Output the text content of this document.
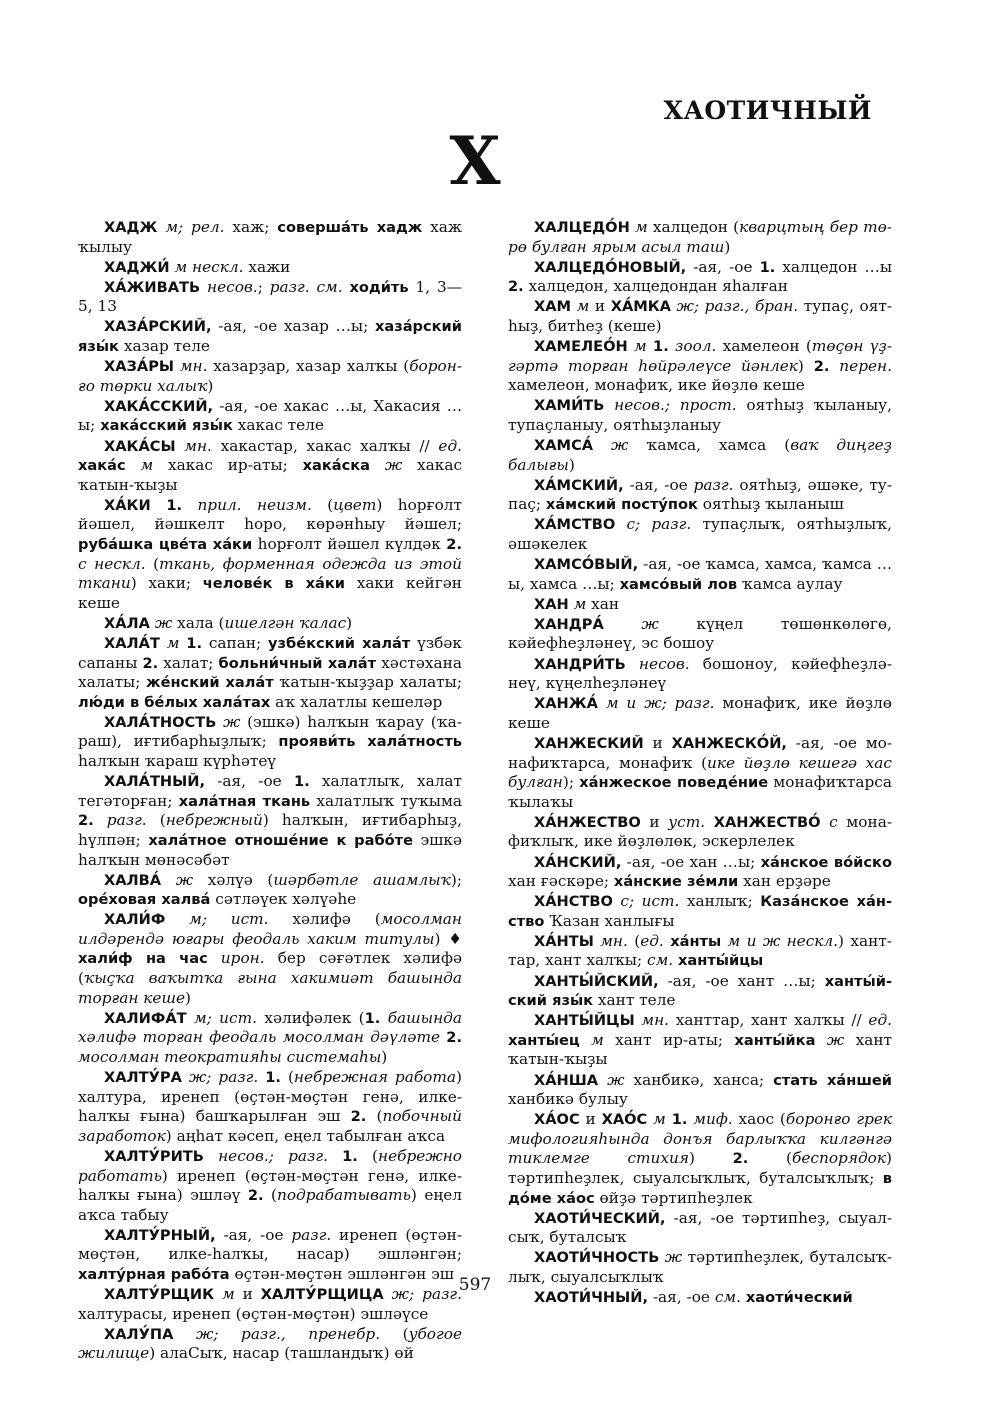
ХАОТИЧНЫЙ
Х

ХАДЖ м; рел. хаж; соверша́ть хадж хаж ҡылыу

ХАДЖИ́ м нескл. хажи

ХА́ЖИВАТЬ несов.; разг. см. ходи́ть 1, 3—5, 13

ХАЗА́РСКИЙ, -ая, -ое хазар …ы; хаза́рский язы́к хазар теле

ХАЗА́РЫ мн. хазарҙар, хазар халҡы (боронғо төрки халыҡ)

ХАКА́ССКИЙ, -ая, -ое хакас …ы, Хакасия …ы; хака́сский язы́к хакас теле

ХАКА́СЫ мн. хакастар, хакас халҡы // ед. хака́с м хакас ир-аты; хака́ска ж хакас ҡатын-ҡыҙы

ХА́КИ 1. прил. неизм. (цвет) һорғолт йәшел, йәшкелт һоро, көрәнһыу йәшел; руба́шка цве́та ха́ки һорғолт йәшел күлдәк 2. с нескл. (ткань, форменная одежда из этой ткани) хаки; челове́к в ха́ки хаки кейгән кеше

ХА́ЛА ж хала (ишелгән ҡалас)

ХАЛА́Т м 1. сапан; узбе́кский хала́т үзбәк сапаны 2. халат; больни́чный хала́т хәстәхана халаты; же́нский хала́т ҡатын-ҡыҙҙар халаты; лю́ди в бе́лых хала́тах аҡ халатлы кешеләр

ХАЛА́ТНОСТЬ ж (эшкә) һалҡын ҡарау (ҡараш), иғтибарһыҙлыҡ; прояви́ть хала́тность һалҡын ҡараш күрһәтеү

ХАЛА́ТНЫЙ, -ая, -ое 1. халатлыҡ, халат тегәторған; хала́тная ткань халатлыҡ туҡыма 2. разг. (небрежный) һалҡын, иғтибарһыҙ, һүлпән; хала́тное отноше́ние к рабо́те эшкә һалҡын мөнәсәбәт

ХАЛВА́ ж хәлүә (шәрбәтле ашамлыҡ); оре́ховая халва́ сәтләүек хәлүәһе

ХАЛИ́Ф м; ист. хәлифә (мосолман илдәрендә юғары феодаль хаким титулы) ♦ хали́ф на час ирон. бер сәғәтлек хәлифә (ҡыҫҡа ваҡытҡа ғына хакимиәт башында торған кеше)

ХАЛИФА́Т м; ист. хәлифәлек (1. башында хәлифә торған феодаль мосолман дәүләте 2. мосолман теократияһы системаһы)

ХАЛТУ́РА ж; разг. 1. (небрежная работа) халтура, иренеп (өҫтән-мөҫтән генә, илке-һалҡы ғына) башҡарылған эш 2. (побочный заработок) аңһат кәсеп, еңел табылған аҡса

ХАЛТУ́РИТЬ несов.; разг. 1. (небрежно работать) иренеп (өҫтән-мөҫтән генә, илке-һалҡы ғына) эшләү 2. (подрабатывать) еңел аҡса табыу

ХАЛТУ́РНЫЙ, -ая, -ое разг. иренеп (өҫтән-мөҫтән, илке-һалҡы, насар) эшләнгән; халту́рная рабо́та өҫтән-мөҫтән эшләнгән эш

ХАЛТУ́РЩИК м и ХАЛТУ́РЩИЦА ж; разг. халтурасы, иренеп (өҫтән-мөҫтән) эшләүсе

ХАЛУ́ПА ж; разг., пренебр. (убогое жилище) алаСыҡ, насар (ташландыҡ) өй

ХАЛЦЕДО́Н м халцедон (кварцтың бер төрө булған ярым асыл таш)

ХАЛЦЕДО́НОВЫЙ, -ая, -ое 1. халцедон …ы 2. халцедон, халцедондан яһалған

ХАМ м и ХА́МКА ж; разг., бран. тупаҫ, оятһыҙ, битһеҙ (кеше)

ХАМЕЛЕО́Н м 1. зоол. хамелеон (төҫөн үҙгәртә торған һөйрәлеүсе йәнлек) 2. перен. хамелеон, монафиҡ, ике йөҙлө кеше

ХАМИ́ТЬ несов.; прост. оятһыҙ ҡыланыу, тупаҫланыу, оятһыҙланыу

ХАМСА́ ж ҡамса, хамса (ваҡ диңгеҙ балығы)

ХА́МСКИЙ, -ая, -ое разг. оятһыҙ, әшәке, тупаҫ; ха́мский посту́пок оятһыҙ ҡыланыш

ХА́МСТВО с; разг. тупаҫлыҡ, оятһыҙлыҡ, әшәкелек

ХАМСО́ВЫЙ, -ая, -ое ҡамса, хамса, ҡамса …ы, хамса …ы; хамсо́вый лов ҡамса аулау

ХАН м хан

ХАНДРА́ ж күңел төшөнкөлөгө, кәйефһеҙләнеү, эс бошоу

ХАНДРИ́ТЬ несов. бошоноу, кәйефһеҙләнеү, күңелһеҙләнеү

ХАНЖА́ м и ж; разг. монафиҡ, ике йөҙлө кеше

ХАНЖЕСКИЙ и ХАНЖЕСКО́Й, -ая, -ое монафиҡтарса, монафиҡ (ике йөҙлө кешегә хас булған); ха́нжеское поведе́ние монафиҡтарса ҡылаҡы

ХА́НЖЕСТВО и уст. ХАНЖЕСТВО́ с монафиҡлыҡ, ике йөҙлөлөк, эскерлелек

ХА́НСКИЙ, -ая, -ое хан …ы; ха́нское во́йско хан ғәскәре; ха́нские зе́мли хан ерҙәре

ХА́НСТВО с; ист. ханлыҡ; Каза́нское ха́нство Ҡазан ханлығы

ХА́НТЫ мн. (ед. ха́нты м и ж нескл.) ханттар, хант халҡы; см. ханты́йцы

ХАНТЫ́ЙСКИЙ, -ая, -ое хант …ы; ханты́йский язы́к хант теле

ХАНТЫ́ЙЦЫ мн. ханттар, хант халҡы // ед. ханты́ец м хант ир-аты; ханты́йка ж хант ҡатын-ҡыҙы

ХА́НША ж ханбикә, ханса; стать ха́ншей ханбикә булыу

ХА́ОС и ХАО́С м 1. миф. хаос (боронғо грек мифологияһында донъя барлыҡҡа килгәнгә тиклемге стихия) 2. (беспорядок) тәртипһеҙлек, сыуалсыҡлыҡ, буталсыҡлыҡ; в до́ме ха́ос өйҙә тәртипһеҙлек

ХАОТИ́ЧЕСКИЙ, -ая, -ое тәртипһеҙ, сыуалсыҡ, буталсыҡ

ХАОТИ́ЧНОСТЬ ж тәртипһеҙлек, буталсыҡлыҡ, сыуалсыҡлыҡ

ХАОТИ́ЧНЫЙ, -ая, -ое см. хаоти́ческий

597
